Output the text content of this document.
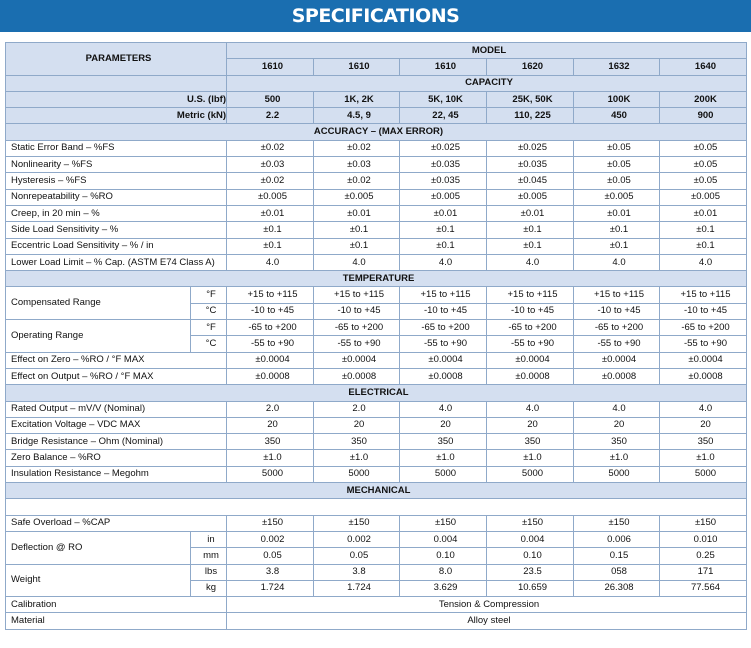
SPECIFICATIONS
PARAMETERS		MODEL					
		1610	1610	1610	1620	1632	1640
		CAPACITY					
U.S. (lbf)		500	1K, 2K	5K, 10K	25K, 50K	100K	200K
Metric (kN)		2.2	4.5, 9	22, 45	110, 225	450	900
ACCURACY – (MAX ERROR)							
Static Error Band – %FS		±0.02	±0.02	±0.025	±0.025	±0.05	±0.05
Nonlinearity – %FS		±0.03	±0.03	±0.035	±0.035	±0.05	±0.05
Hysteresis – %FS		±0.02	±0.02	±0.035	±0.045	±0.05	±0.05
Nonrepeatability – %RO		±0.005	±0.005	±0.005	±0.005	±0.005	±0.005
Creep, in 20 min – %		±0.01	±0.01	±0.01	±0.01	±0.01	±0.01
Side Load Sensitivity – %		±0.1	±0.1	±0.1	±0.1	±0.1	±0.1
Eccentric Load Sensitivity – % / in		±0.1	±0.1	±0.1	±0.1	±0.1	±0.1
Lower Load Limit – % Cap. (ASTM E74 Class A)		4.0	4.0	4.0	4.0	4.0	4.0
TEMPERATURE							
Compensated Range	°F	+15 to +115	+15 to +115	+15 to +115	+15 to +115	+15 to +115	+15 to +115
	°C	-10 to +45	-10 to +45	-10 to +45	-10 to +45	-10 to +45	-10 to +45
Operating Range	°F	-65 to +200	-65 to +200	-65 to +200	-65 to +200	-65 to +200	-65 to +200
	°C	-55 to +90	-55 to +90	-55 to +90	-55 to +90	-55 to +90	-55 to +90
Effect on Zero – %RO / °F MAX		±0.0004	±0.0004	±0.0004	±0.0004	±0.0004	±0.0004
Effect on Output – %RO / °F MAX		±0.0008	±0.0008	±0.0008	±0.0008	±0.0008	±0.0008
ELECTRICAL							
Rated Output – mV/V (Nominal)		2.0	2.0	4.0	4.0	4.0	4.0
Excitation Voltage – VDC MAX		20	20	20	20	20	20
Bridge Resistance – Ohm (Nominal)		350	350	350	350	350	350
Zero Balance – %RO		±1.0	±1.0	±1.0	±1.0	±1.0	±1.0
Insulation Resistance – Megohm		5000	5000	5000	5000	5000	5000
MECHANICAL							

Safe Overload – %CAP		±150	±150	±150	±150	±150	±150
Deflection @ RO	in	0.002	0.002	0.004	0.004	0.006	0.010
	mm	0.05	0.05	0.10	0.10	0.15	0.25
Weight	lbs	3.8	3.8	8.0	23.5	058	171
	kg	1.724	1.724	3.629	10.659	26.308	77.564
Calibration		Tension & Compression					
Material		Alloy steel					
